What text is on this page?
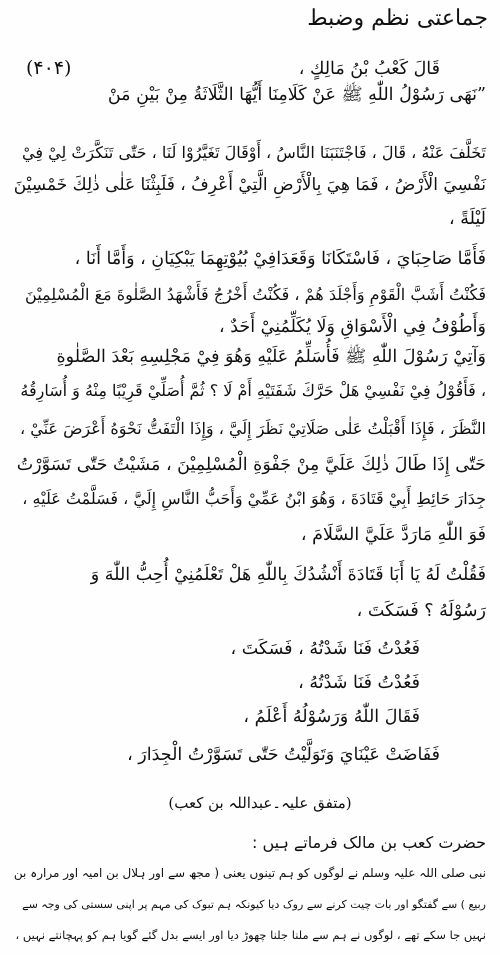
جماعتی نظم وضبط
(۴۰۴)	قَالَ كَعْبُ بْنُ مَالِكٍ ،
”نَهَى رَسُوْلُ اللّٰهِ ﷺ عَنْ كَلَامِنَا أَيُّهَا الثَّلَاثَةُ مِنْ بَيْنِ مَنْ
تَخَلَّفَ عَنْهُ ، قَالَ ، فَاجْتَنَبَنَا النَّاسُ ، أَوْقَالَ تَغَيَّرُوْا لَنَا ، حَتّٰى تَنَكَّرَتْ لِيْ فِيْ
نَفْسِيَ الْأَرْضُ ، فَمَا هِيَ بِالْأَرْضِ الَّتِيْ أَعْرِفُ ، فَلَبِثْنَا عَلٰى ذٰلِكَ خَمْسِيْنَ
لَيْلَةً ،
فَأَمَّا صَاحِبَايَ ، فَاسْتَكَانَا وَقَعَدَافِيْ بُيُوْتِهِمَا يَبْكِيَانِ ، وَأَمَّا أَنَا ،
فَكُنْتُ أَشَبَّ الْقَوْمِ وَأَجْلَدَ هُمْ ، فَكُنْتُ أَخْرُجُ فَأَشْهَدُ الصَّلٰوةَ مَعَ الْمُسْلِمِيْنَ
وَأَطُوْفُ فِي الْأَسْوَاقِ وَلَا يُكَلِّمُنِيْ أَحَدٌ ،
وَآتِيْ رَسُوْلَ اللّٰهِ ﷺ فَأُسَلِّمُ عَلَيْهِ وَهُوَ فِيْ مَجْلِسِهِ بَعْدَ الصَّلٰوةِ
، فَأَقُوْلُ فِيْ نَفْسِيْ هَلْ حَرَّكَ شَفَتَيْهِ أَمْ لَا ؟ ثُمَّ أُصَلِّيْ قَرِيْبًا مِنْهُ وَ أُسَارِقُهُ
النَّظَرَ ، فَإِذَا أَقْبَلْتُ عَلٰى صَلَاتِيْ نَظَرَ إِلَيَّ ، وَإِذَا الْتَفَتُّ نَحْوَهُ أَعْرَضَ عَنِّيْ ،
حَتّٰى إِذَا طَالَ ذٰلِكَ عَلَيَّ مِنْ جَفْوَةِ الْمُسْلِمِيْنَ ، مَشَيْتُ حَتّٰى تَسَوَّرْتُ
جِدَارَ حَائِطِ أَبِيْ قَتَادَةَ ، وَهُوَ ابْنُ عَمِّيْ وَأَحَبُّ النَّاسِ إِلَيَّ ، فَسَلَّمْتُ عَلَيْهِ ،
فَوَ اللّٰهِ مَارَدَّ عَلَيَّ السَّلَامَ ،
فَقُلْتُ لَهُ يَا أَبَا قَتَادَةَ أَنْشُدُكَ بِاللّٰهِ هَلْ تَعْلَمُنِيْ أُحِبُّ اللّٰهَ وَ
رَسُوْلَهُ ؟ فَسَكَتَ ،
فَعُدْتُ فَنَا شَدْتُهُ ، فَسَكَتَ ،
فَعُدْتُ فَنَا شَدْتُهُ ،
فَقَالَ اللّٰهُ وَرَسُوْلُهُ أَعْلَمُ ،
فَفَاضَتْ عَيْنَايَ وَتَوَلَّيْتُ حَتّٰى تَسَوَّرْتُ الْجِدَارَ ،
(متفق علیہ۔عبداللہ بن کعب)
حضرت کعب بن مالک فرماتے ہیں :
نبی صلی اللہ علیہ وسلم نے لوگوں کو ہم تینوں یعنی ( مجھ سے اور ہلال بن امیہ اور مرارہ بن
ربیع ) سے گفتگو اور بات چیت کرنے سے روک دیا کیونکہ ہم تبوک کی مہم پر اپنی سستی کی وجہ سے
نہیں جا سکے تھے ، لوگوں نے ہم سے ملنا جلنا چھوڑ دیا اور ایسے بدل گئے گویا ہم کو پہچانتے نہیں ،
